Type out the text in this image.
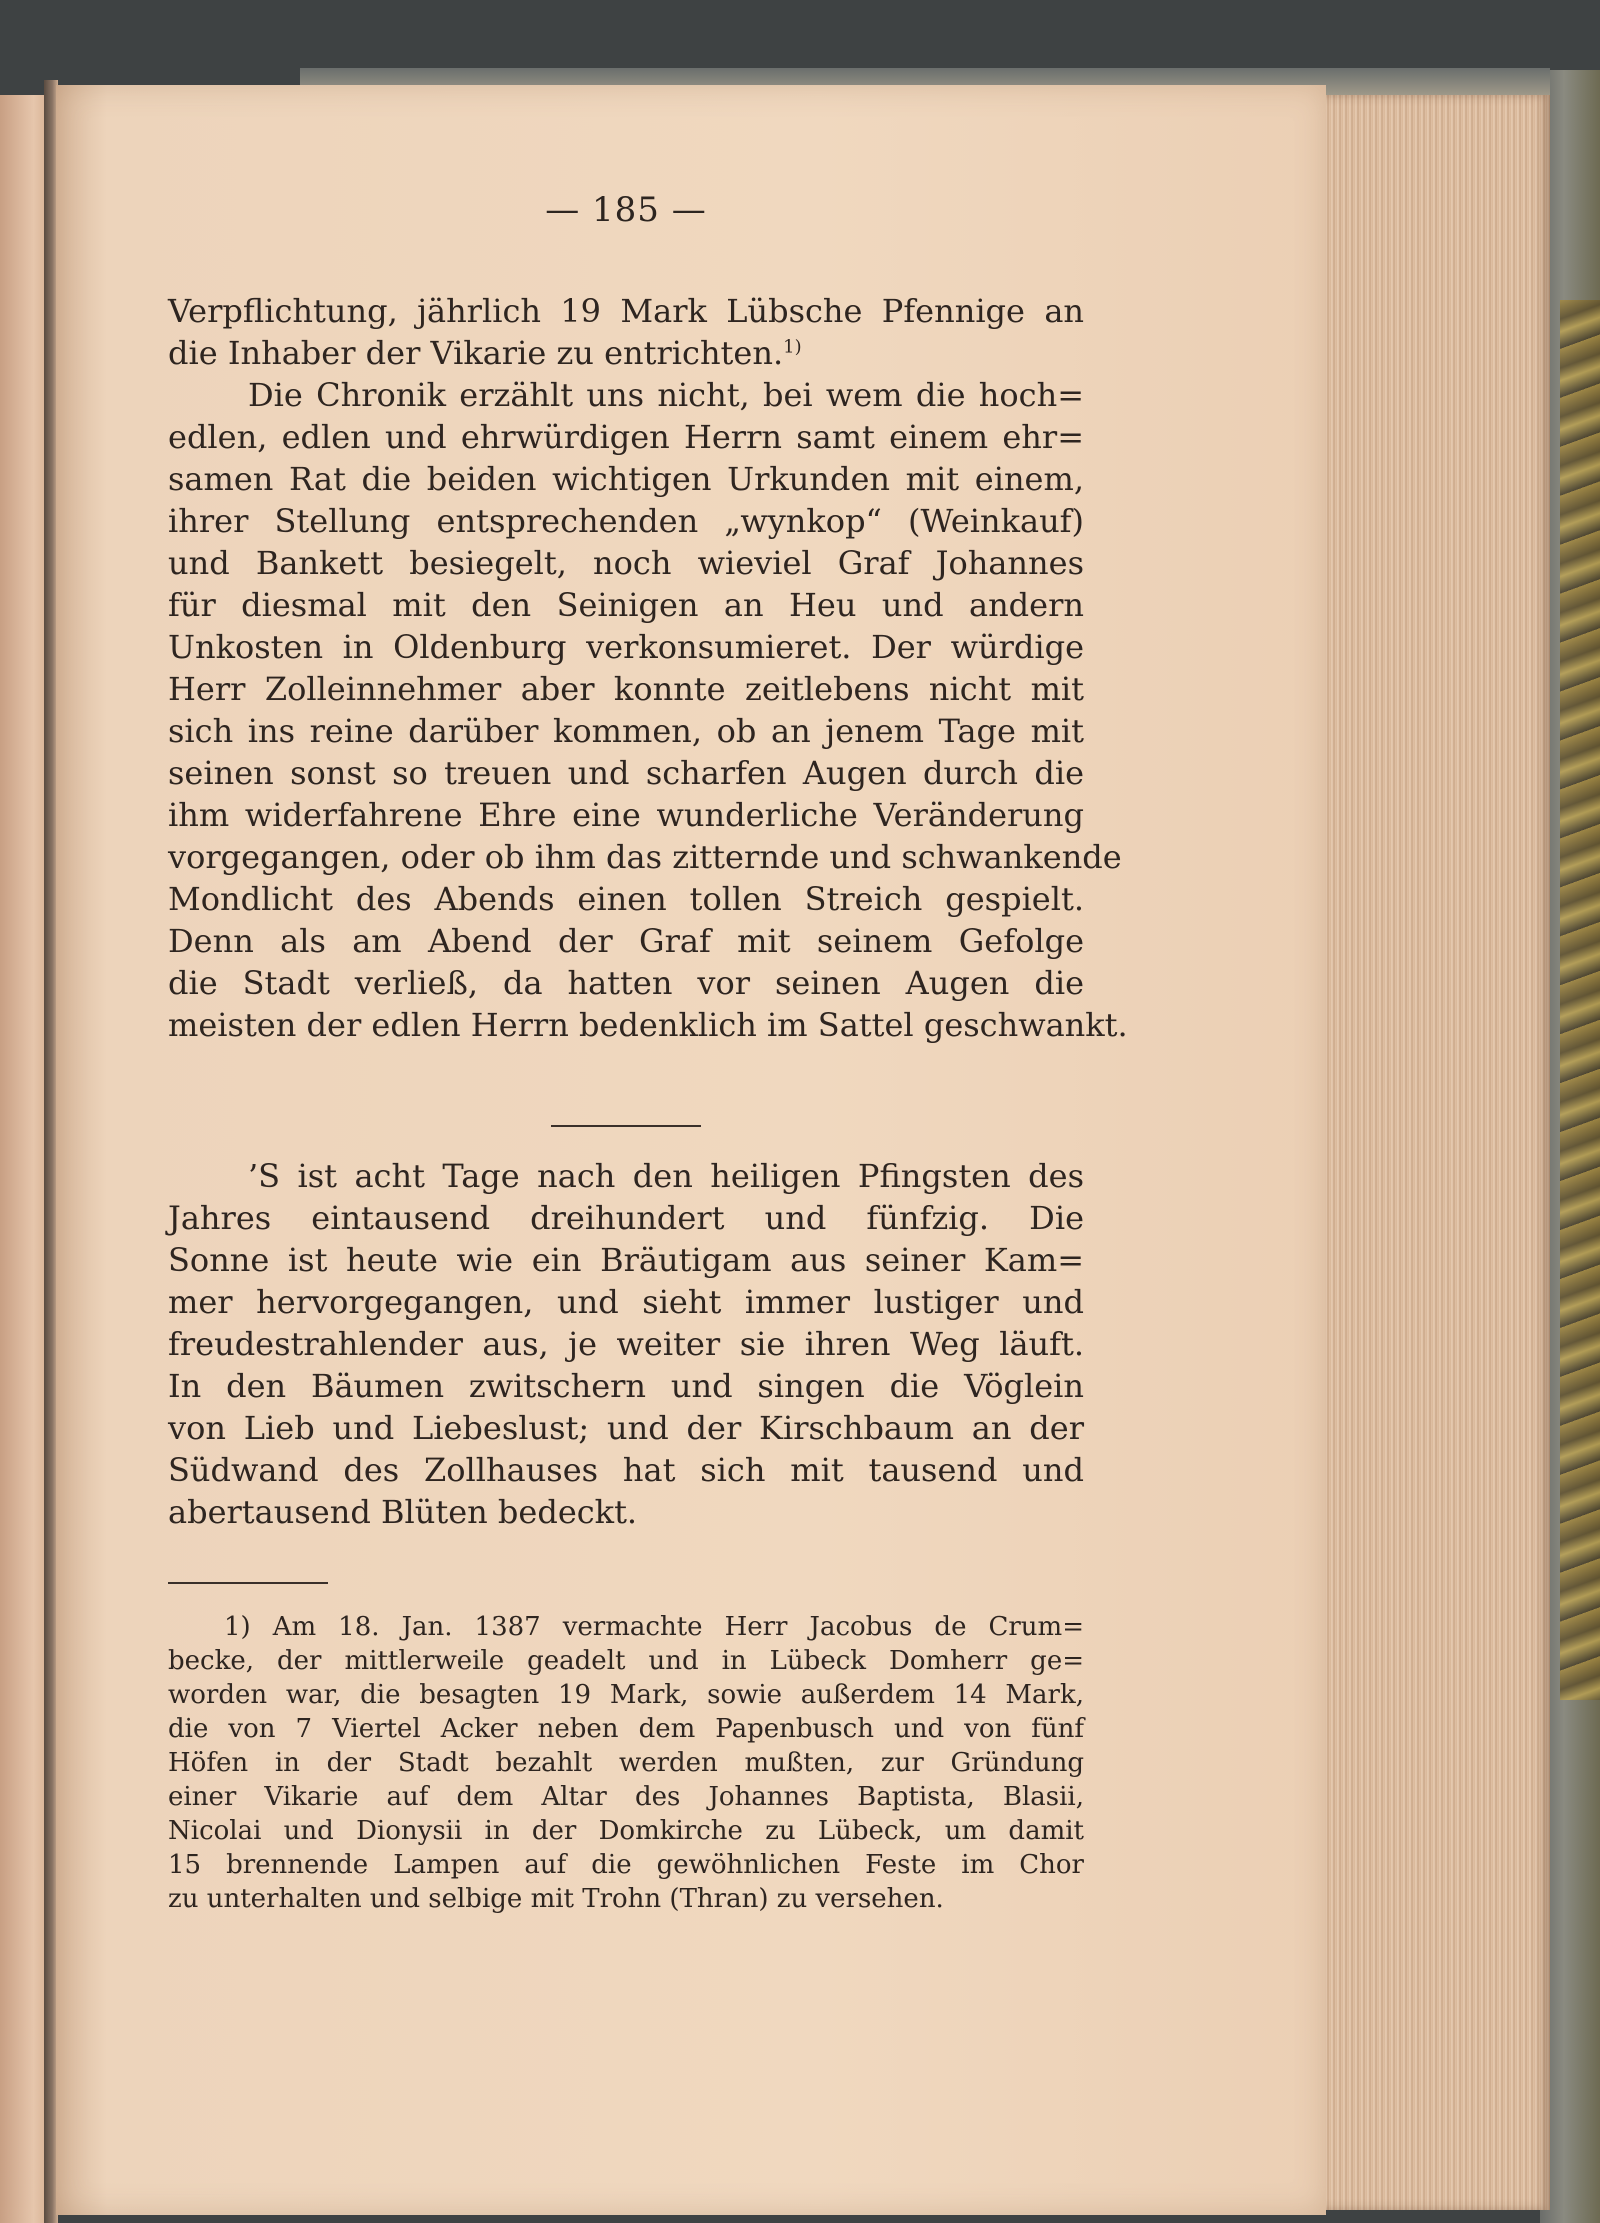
— 185 —
Verpflichtung, jährlich 19 Mark Lübsche Pfennige an
die Inhaber der Vikarie zu entrichten.$^{1)}$
Die Chronik erzählt uns nicht, bei wem die hoch=
edlen, edlen und ehrwürdigen Herrn samt einem ehr=
samen Rat die beiden wichtigen Urkunden mit einem,
ihrer Stellung entsprechenden „wynkop“ (Weinkauf)
und Bankett besiegelt, noch wieviel Graf Johannes
für diesmal mit den Seinigen an Heu und andern
Unkosten in Oldenburg verkonsumieret. Der würdige
Herr Zolleinnehmer aber konnte zeitlebens nicht mit
sich ins reine darüber kommen, ob an jenem Tage mit
seinen sonst so treuen und scharfen Augen durch die
ihm widerfahrene Ehre eine wunderliche Veränderung
vorgegangen, oder ob ihm das zitternde und schwankende
Mondlicht des Abends einen tollen Streich gespielt.
Denn als am Abend der Graf mit seinem Gefolge
die Stadt verließ, da hatten vor seinen Augen die
meisten der edlen Herrn bedenklich im Sattel geschwankt.
’S ist acht Tage nach den heiligen Pfingsten des
Jahres eintausend dreihundert und fünfzig. Die
Sonne ist heute wie ein Bräutigam aus seiner Kam=
mer hervorgegangen, und sieht immer lustiger und
freudestrahlender aus, je weiter sie ihren Weg läuft.
In den Bäumen zwitschern und singen die Vöglein
von Lieb und Liebeslust; und der Kirschbaum an der
Südwand des Zollhauses hat sich mit tausend und
abertausend Blüten bedeckt.
1) Am 18. Jan. 1387 vermachte Herr Jacobus de Crum=
becke, der mittlerweile geadelt und in Lübeck Domherr ge=
worden war, die besagten 19 Mark, sowie außerdem 14 Mark,
die von 7 Viertel Acker neben dem Papenbusch und von fünf
Höfen in der Stadt bezahlt werden mußten, zur Gründung
einer Vikarie auf dem Altar des Johannes Baptista, Blasii,
Nicolai und Dionysii in der Domkirche zu Lübeck, um damit
15 brennende Lampen auf die gewöhnlichen Feste im Chor
zu unterhalten und selbige mit Trohn (Thran) zu versehen.
